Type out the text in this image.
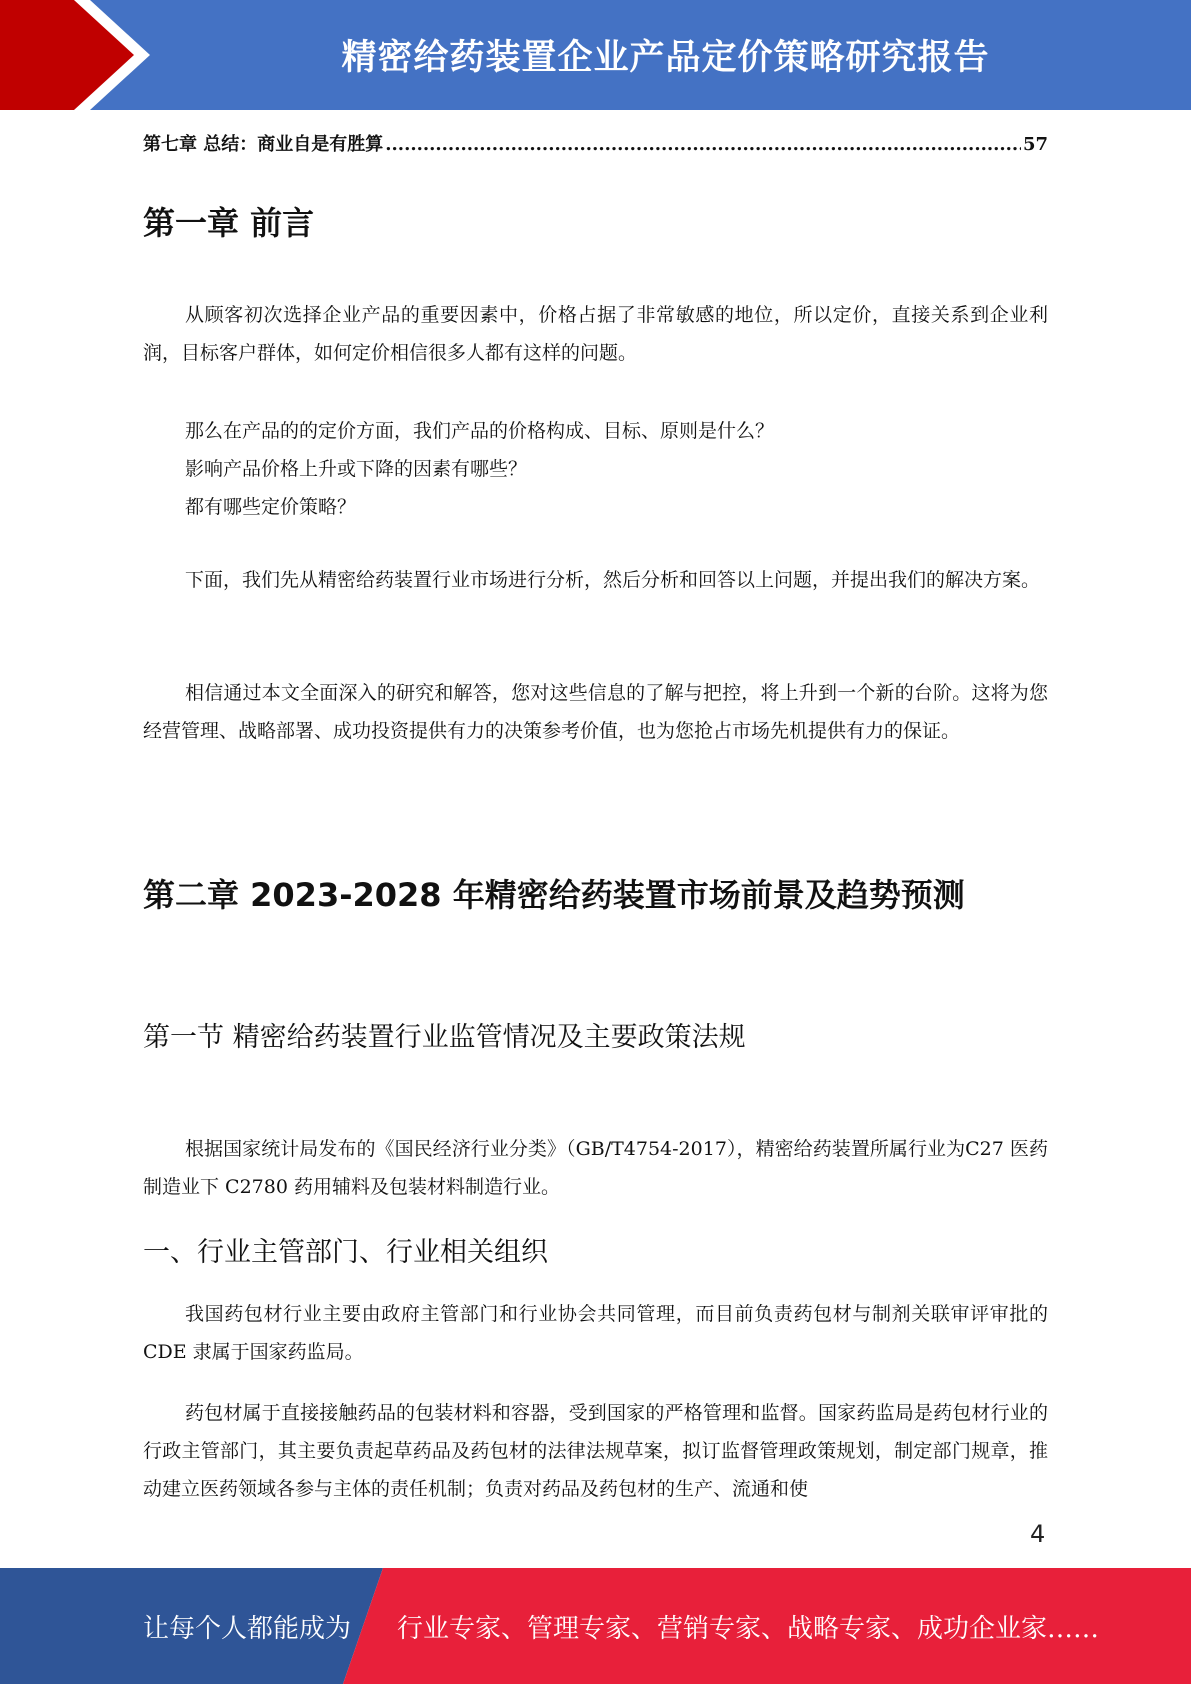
精密给药装置企业产品定价策略研究报告
第七章 总结：商业自是有胜算
.....	57
第一章 前言
从顾客初次选择企业产品的重要因素中，价格占据了非常敏感的地位，所以定价，直接关系到企业利润，目标客户群体，如何定价相信很多人都有这样的问题。
那么在产品的的定价方面，我们产品的价格构成、目标、原则是什么？
影响产品价格上升或下降的因素有哪些？
都有哪些定价策略？
下面，我们先从精密给药装置行业市场进行分析，然后分析和回答以上问题，并提出我们的解决方案。
相信通过本文全面深入的研究和解答，您对这些信息的了解与把控，将上升到一个新的台阶。这将为您经营管理、战略部署、成功投资提供有力的决策参考价值，也为您抢占市场先机提供有力的保证。
第二章 2023-2028 年精密给药装置市场前景及趋势预测
第一节 精密给药装置行业监管情况及主要政策法规
根据国家统计局发布的《国民经济行业分类》（GB/T4754-2017），精密给药装置所属行业为C27 医药制造业下 C2780 药用辅料及包装材料制造行业。
一、行业主管部门、行业相关组织
我国药包材行业主要由政府主管部门和行业协会共同管理，而目前负责药包材与制剂关联审评审批的 CDE 隶属于国家药监局。
药包材属于直接接触药品的包装材料和容器，受到国家的严格管理和监督。国家药监局是药包材行业的行政主管部门，其主要负责起草药品及药包材的法律法规草案，拟订监督管理政策规划，制定部门规章，推动建立医药领域各参与主体的责任机制；负责对药品及药包材的生产、流通和使
4
让每个人都能成为 行业专家、管理专家、营销专家、战略专家、成功企业家……
